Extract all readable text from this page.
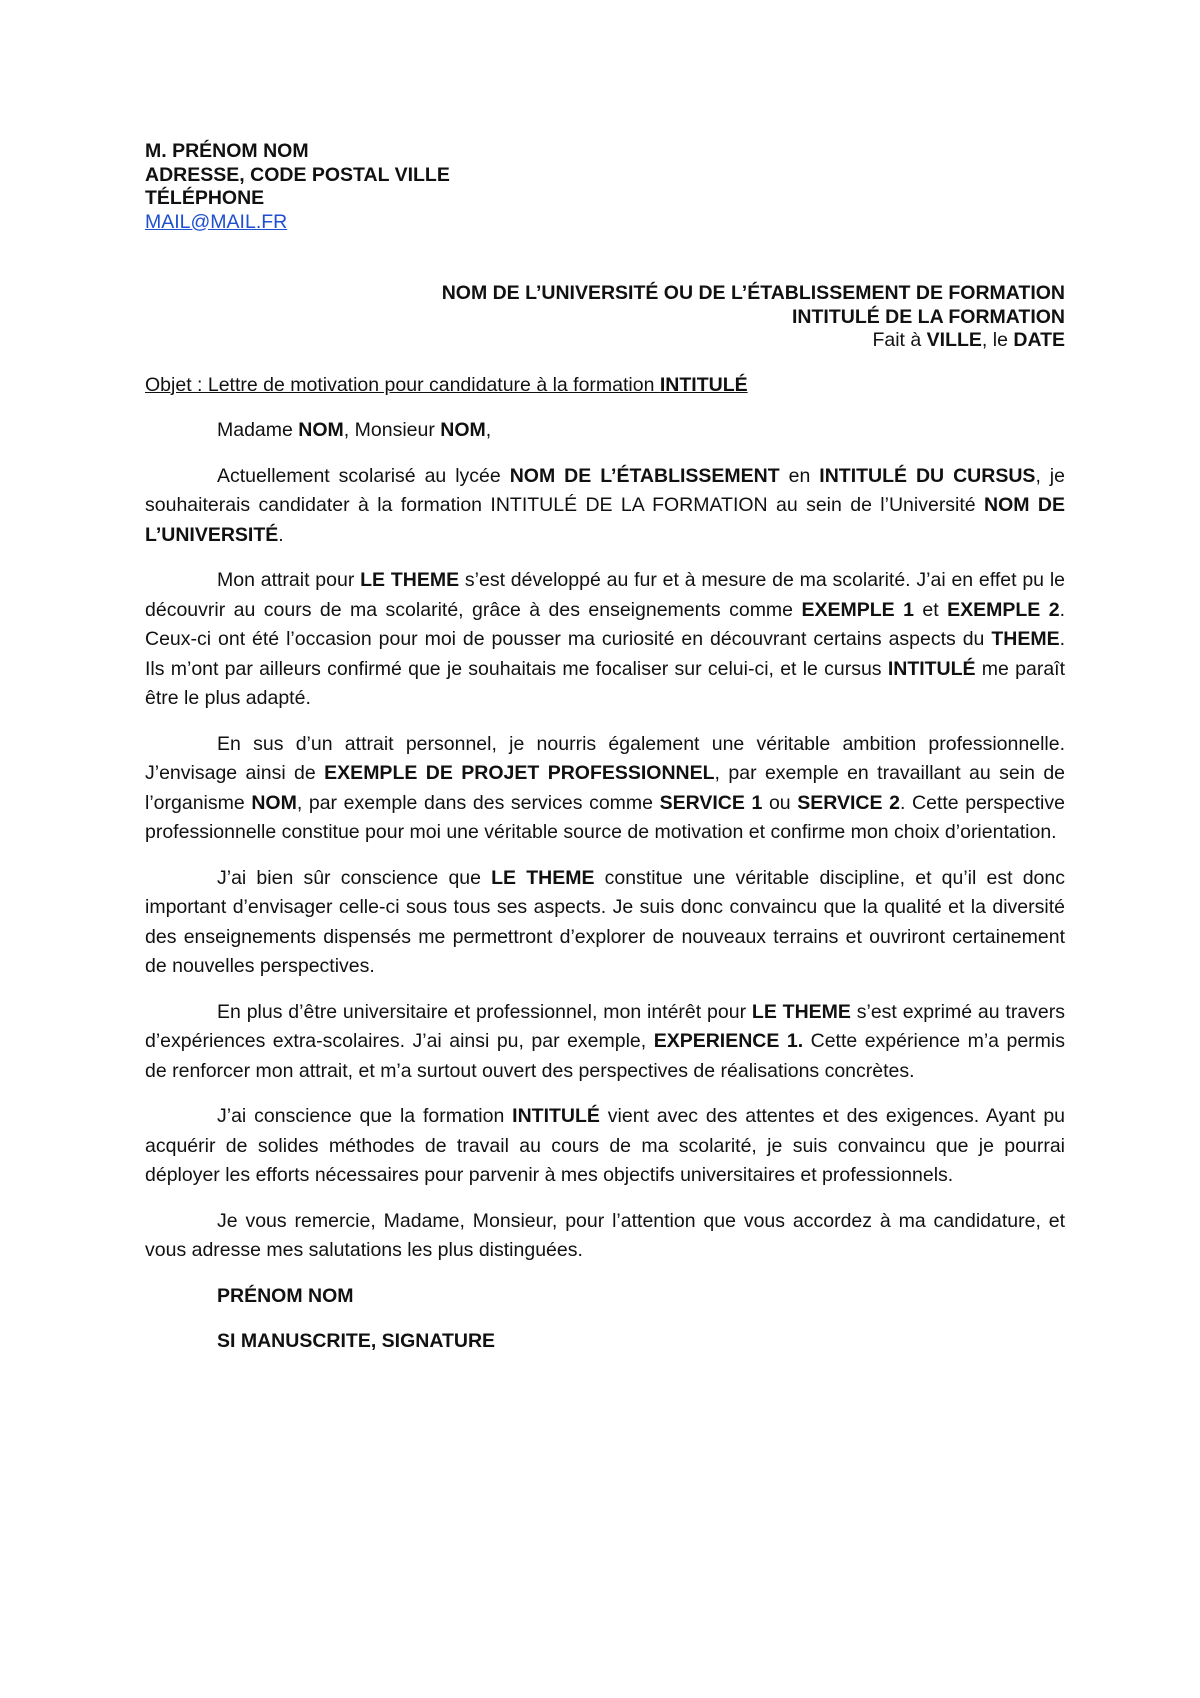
M. PRÉNOM NOM
ADRESSE, CODE POSTAL VILLE
TÉLÉPHONE
MAIL@MAIL.FR
NOM DE L’UNIVERSITÉ OU DE L’ÉTABLISSEMENT DE FORMATION
INTITULÉ DE LA FORMATION
Fait à VILLE, le DATE
Objet : Lettre de motivation pour candidature à la formation INTITULÉ
Madame NOM, Monsieur NOM,

Actuellement scolarisé au lycée NOM DE L’ÉTABLISSEMENT en INTITULÉ DU CURSUS, je souhaiterais candidater à la formation INTITULÉ DE LA FORMATION au sein de l’Université NOM DE L’UNIVERSITÉ.

Mon attrait pour LE THEME s’est développé au fur et à mesure de ma scolarité. J’ai en effet pu le découvrir au cours de ma scolarité, grâce à des enseignements comme EXEMPLE 1 et EXEMPLE 2. Ceux-ci ont été l’occasion pour moi de pousser ma curiosité en découvrant certains aspects du THEME. Ils m’ont par ailleurs confirmé que je souhaitais me focaliser sur celui-ci, et le cursus INTITULÉ me paraît être le plus adapté.

En sus d’un attrait personnel, je nourris également une véritable ambition professionnelle. J’envisage ainsi de EXEMPLE DE PROJET PROFESSIONNEL, par exemple en travaillant au sein de l’organisme NOM, par exemple dans des services comme SERVICE 1 ou SERVICE 2. Cette perspective professionnelle constitue pour moi une véritable source de motivation et confirme mon choix d’orientation.

J’ai bien sûr conscience que LE THEME constitue une véritable discipline, et qu’il est donc important d’envisager celle-ci sous tous ses aspects. Je suis donc convaincu que la qualité et la diversité des enseignements dispensés me permettront d’explorer de nouveaux terrains et ouvriront certainement de nouvelles perspectives.

En plus d’être universitaire et professionnel, mon intérêt pour LE THEME s’est exprimé au travers d’expériences extra-scolaires. J’ai ainsi pu, par exemple, EXPERIENCE 1. Cette expérience m’a permis de renforcer mon attrait, et m’a surtout ouvert des perspectives de réalisations concrètes.

J’ai conscience que la formation INTITULÉ vient avec des attentes et des exigences. Ayant pu acquérir de solides méthodes de travail au cours de ma scolarité, je suis convaincu que je pourrai déployer les efforts nécessaires pour parvenir à mes objectifs universitaires et professionnels.

Je vous remercie, Madame, Monsieur, pour l’attention que vous accordez à ma candidature, et vous adresse mes salutations les plus distinguées.

PRÉNOM NOM
SI MANUSCRITE, SIGNATURE
